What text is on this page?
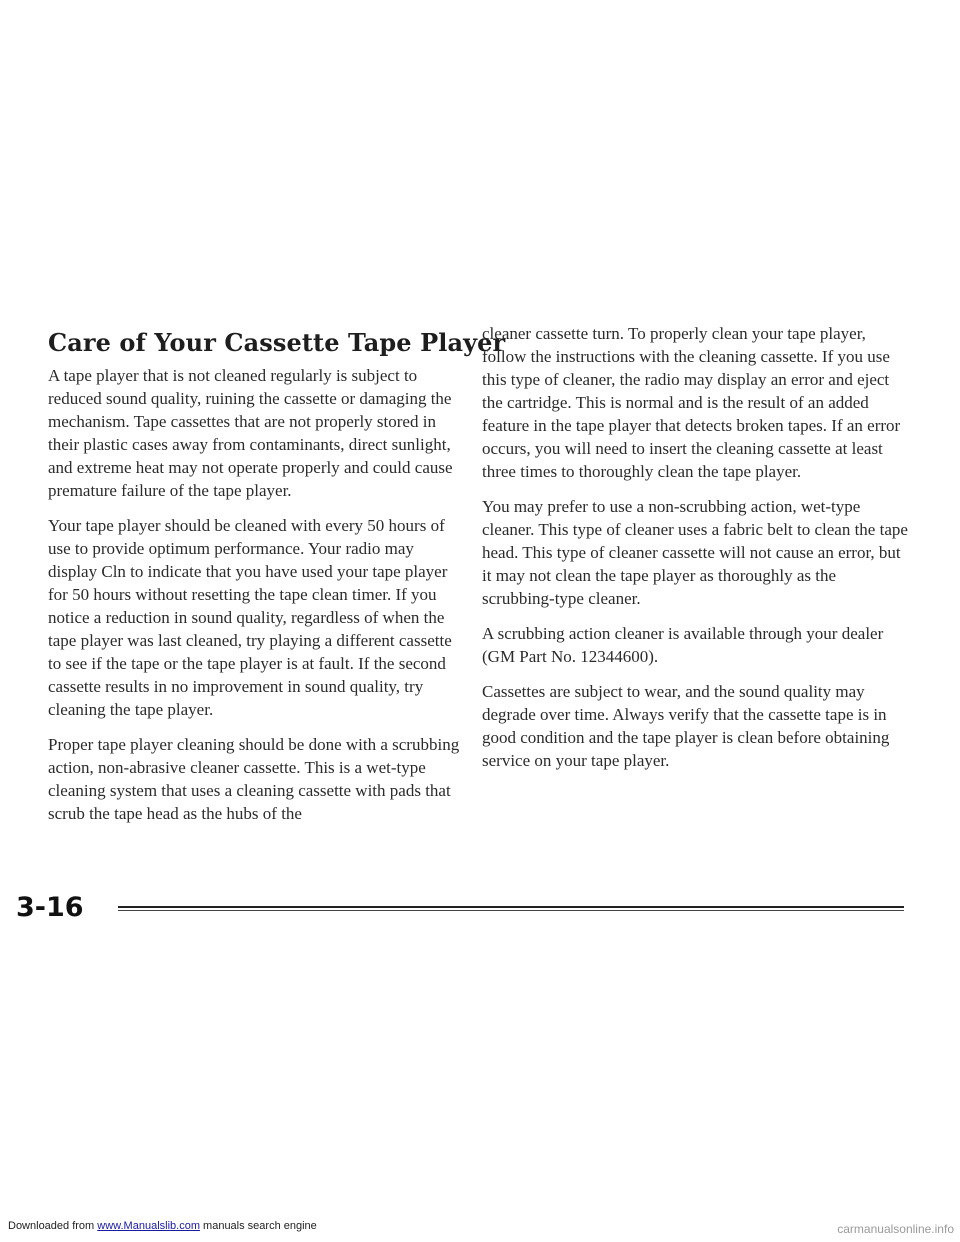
Care of Your Cassette Tape Player

A tape player that is not cleaned regularly is subject to reduced sound quality, ruining the cassette or damaging the mechanism. Tape cassettes that are not properly stored in their plastic cases away from contaminants, direct sunlight, and extreme heat may not operate properly and could cause premature failure of the tape player.

Your tape player should be cleaned with every 50 hours of use to provide optimum performance. Your radio may display Cln to indicate that you have used your tape player for 50 hours without resetting the tape clean timer. If you notice a reduction in sound quality, regardless of when the tape player was last cleaned, try playing a different cassette to see if the tape or the tape player is at fault. If the second cassette results in no improvement in sound quality, try cleaning the tape player.

Proper tape player cleaning should be done with a scrubbing action, non-abrasive cleaner cassette. This is a wet-type cleaning system that uses a cleaning cassette with pads that scrub the tape head as the hubs of the

cleaner cassette turn. To properly clean your tape player, follow the instructions with the cleaning cassette. If you use this type of cleaner, the radio may display an error and eject the cartridge. This is normal and is the result of an added feature in the tape player that detects broken tapes. If an error occurs, you will need to insert the cleaning cassette at least three times to thoroughly clean the tape player.

You may prefer to use a non-scrubbing action, wet-type cleaner. This type of cleaner uses a fabric belt to clean the tape head. This type of cleaner cassette will not cause an error, but it may not clean the tape player as thoroughly as the scrubbing-type cleaner.

A scrubbing action cleaner is available through your dealer (GM Part No. 12344600).

Cassettes are subject to wear, and the sound quality may degrade over time. Always verify that the cassette tape is in good condition and the tape player is clean before obtaining service on your tape player.

3-16
Downloaded from www.Manualslib.com manuals search engine	carmanualsonline.info
